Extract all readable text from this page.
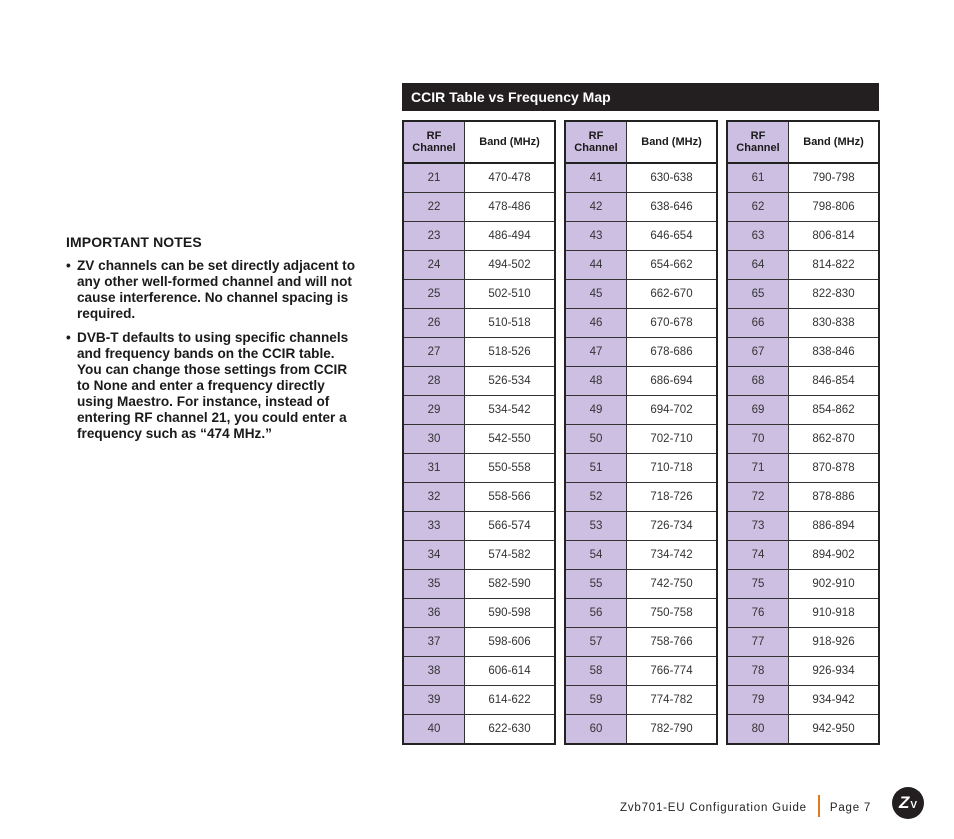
IMPORTANT NOTES
• ZV channels can be set directly adjacent to any other well-formed channel and will not cause interference. No channel spacing is required.
• DVB-T defaults to using specific channels and frequency bands on the CCIR table. You can change those settings from CCIR to None and enter a frequency directly using Maestro. For instance, instead of entering RF channel 21, you could enter a frequency such as “474 MHz.”
CCIR Table vs Frequency Map
RF
Channel	Band (MHz)
21	470-478
22	478-486
23	486-494
24	494-502
25	502-510
26	510-518
27	518-526
28	526-534
29	534-542
30	542-550
31	550-558
32	558-566
33	566-574
34	574-582
35	582-590
36	590-598
37	598-606
38	606-614
39	614-622
40	622-630
RF
Channel	Band (MHz)
41	630-638
42	638-646
43	646-654
44	654-662
45	662-670
46	670-678
47	678-686
48	686-694
49	694-702
50	702-710
51	710-718
52	718-726
53	726-734
54	734-742
55	742-750
56	750-758
57	758-766
58	766-774
59	774-782
60	782-790
RF
Channel	Band (MHz)
61	790-798
62	798-806
63	806-814
64	814-822
65	822-830
66	830-838
67	838-846
68	846-854
69	854-862
70	862-870
71	870-878
72	878-886
73	886-894
74	894-902
75	902-910
76	910-918
77	918-926
78	926-934
79	934-942
80	942-950
Zvb701-EU Configuration Guide Page 7 Z V
